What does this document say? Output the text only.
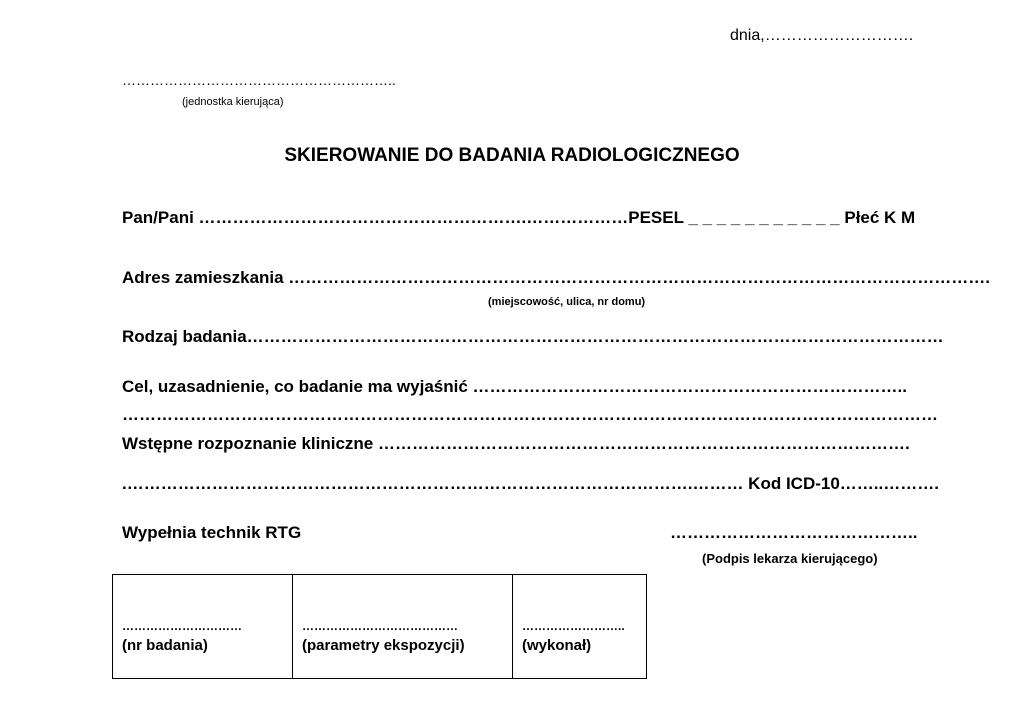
dnia,……………………….
…………………………………………………..
(jednostka kierująca)
SKIEROWANIE DO BADANIA RADIOLOGICZNEGO
Pan/Pani ………………………………………………….………………PESEL _ _ _ _ _ _ _ _ _ _ _ Płeć K M
Adres zamieszkania …………………………………………………………………………………………………………….
(miejscowość, ulica, nr domu)
Rodzaj badania……………………………………………………………………………………………………………
Cel, uzasadnienie, co badanie ma wyjaśnić …………………………………………………………………..
………………………………………………………………………………………………………………………………
Wstępne rozpoznanie kliniczne ………………………………………………………………………………….
.……………………………………………………………………………………….……… Kod ICD-10……..……….
Wypełnia technik RTG	……………………………………..
(Podpis lekarza kierującego)
…………………………
(nr badania)

…………………………………
(parametry ekspozycji)

……………………..
(wykonał)
